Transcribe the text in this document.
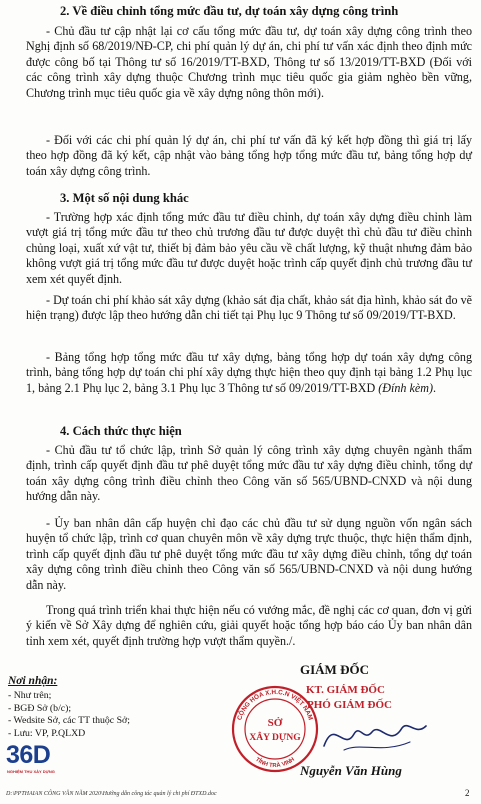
2. Về điều chỉnh tổng mức đầu tư, dự toán xây dựng công trình

- Chủ đầu tư cập nhật lại cơ cấu tổng mức đầu tư, dự toán xây dựng công trình theo Nghị định số 68/2019/NĐ-CP, chi phí quản lý dự án, chi phí tư vấn xác định theo định mức được công bố tại Thông tư số 16/2019/TT-BXD, Thông tư số 13/2019/TT-BXD (Đối với các công trình xây dựng thuộc Chương trình mục tiêu quốc gia giảm nghèo bền vững, Chương trình mục tiêu quốc gia về xây dựng nông thôn mới).

- Đối với các chi phí quản lý dự án, chi phí tư vấn đã ký kết hợp đồng thì giá trị lấy theo hợp đồng đã ký kết, cập nhật vào bảng tổng hợp tổng mức đầu tư, bảng tổng hợp dự toán xây dựng công trình.

3. Một số nội dung khác

- Trường hợp xác định tổng mức đầu tư điều chỉnh, dự toán xây dựng điều chỉnh làm vượt giá trị tổng mức đầu tư theo chủ trương đầu tư được duyệt thì chủ đầu tư điều chỉnh chủng loại, xuất xứ vật tư, thiết bị đảm bảo yêu cầu về chất lượng, kỹ thuật nhưng đảm bảo không vượt giá trị tổng mức đầu tư được duyệt hoặc trình cấp quyết định chủ trương đầu tư xem xét quyết định.

- Dự toán chi phí khảo sát xây dựng (khảo sát địa chất, khảo sát địa hình, khảo sát đo vẽ hiện trạng) được lập theo hướng dẫn chi tiết tại Phụ lục 9 Thông tư số 09/2019/TT-BXD.

- Bảng tổng hợp tổng mức đầu tư xây dựng, bảng tổng hợp dự toán xây dựng công trình, bảng tổng hợp dự toán chi phí xây dựng thực hiện theo quy định tại bảng 1.2 Phụ lục 1, bảng 2.1 Phụ lục 2, bảng 3.1 Phụ lục 3 Thông tư số 09/2019/TT-BXD (Đính kèm).

4. Cách thức thực hiện

- Chủ đầu tư tổ chức lập, trình Sở quản lý công trình xây dựng chuyên ngành thẩm định, trình cấp quyết định đầu tư phê duyệt tổng mức đầu tư xây dựng điều chỉnh, tổng dự toán xây dựng công trình điều chỉnh theo Công văn số 565/UBND-CNXD và nội dung hướng dẫn này.

- Ủy ban nhân dân cấp huyện chỉ đạo các chủ đầu tư sử dụng nguồn vốn ngân sách huyện tổ chức lập, trình cơ quan chuyên môn về xây dựng trực thuộc, thực hiện thẩm định, trình cấp quyết định đầu tư phê duyệt tổng mức đầu tư xây dựng điều chỉnh, tổng dự toán xây dựng công trình điều chỉnh theo Công văn số 565/UBND-CNXD và nội dung hướng dẫn này.

Trong quá trình triển khai thực hiện nếu có vướng mắc, đề nghị các cơ quan, đơn vị gửi ý kiến về Sở Xây dựng để nghiên cứu, giải quyết hoặc tổng hợp báo cáo Ủy ban nhân dân tỉnh xem xét, quyết định trường hợp vượt thẩm quyền./.

Nơi nhận:
- Như trên;
- BGĐ Sở (b/c);
- Wedsite Sở, các TT thuộc Sở;
- Lưu: VP, P.QLXD

GIÁM ĐỐC

CỘNG HÒA X.H.C.N VIỆT NAM
TỈNH TRÀ VINH
SỞ
XÂY DỰNG
KT. GIÁM ĐỐC
PHÓ GIÁM ĐỐC

Nguyễn Văn Hùng

36D
NGHIỆM THU XÂY DỰNG

D:\PPTHAIAN CÔNG VĂN NĂM 2020\Hướng dẫn công tác quản lý chi phí ĐTXD.doc	2
